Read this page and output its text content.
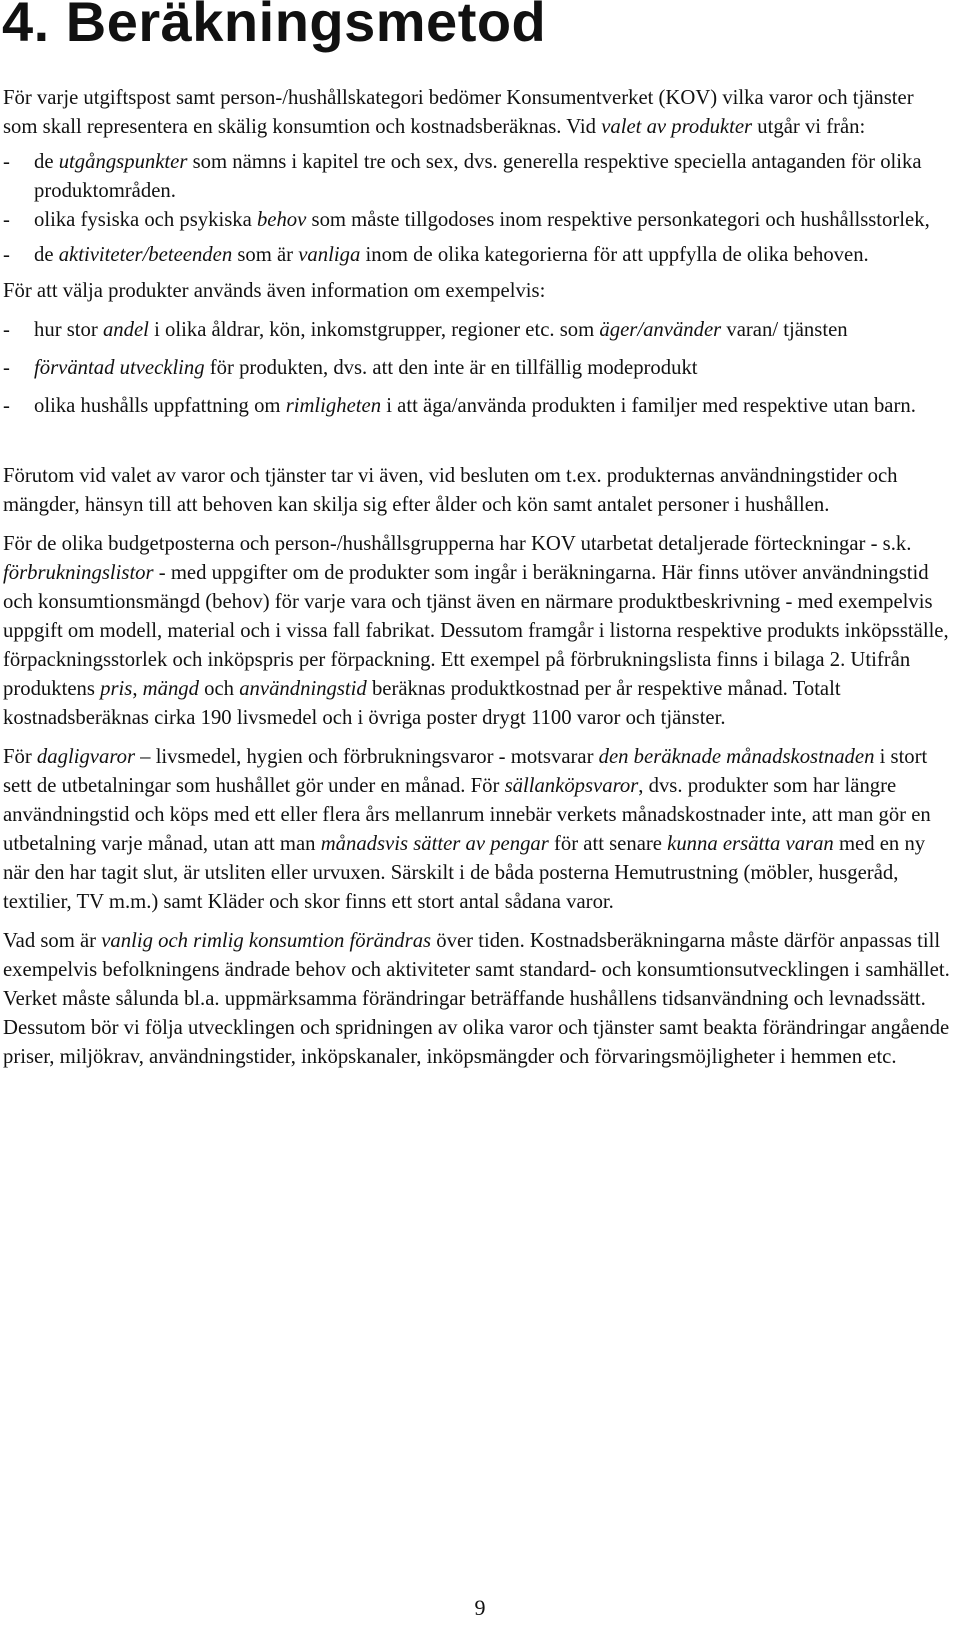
4. Beräkningsmetod

För varje utgiftspost samt person-/hushållskategori bedömer Konsumentverket (KOV) vilka varor och tjänster som skall representera en skälig konsumtion och kostnadsberäknas. Vid valet av produkter utgår vi från:

- de utgångspunkter som nämns i kapitel tre och sex, dvs. generella respektive speciella antaganden för olika produktområden.

- olika fysiska och psykiska behov som måste tillgodoses inom respektive personkategori och hushållsstorlek,

- de aktiviteter/beteenden som är vanliga inom de olika kategorierna för att uppfylla de olika behoven.

För att välja produkter används även information om exempelvis:

- hur stor andel i olika åldrar, kön, inkomstgrupper, regioner etc. som äger/använder varan/ tjänsten

- förväntad utveckling för produkten, dvs. att den inte är en tillfällig modeprodukt

- olika hushålls uppfattning om rimligheten i att äga/använda produkten i familjer med respektive utan barn.

Förutom vid valet av varor och tjänster tar vi även, vid besluten om t.ex. produkternas användningstider och mängder, hänsyn till att behoven kan skilja sig efter ålder och kön samt antalet personer i hushållen.

För de olika budgetposterna och person-/hushållsgrupperna har KOV utarbetat detaljerade förteckningar - s.k. förbrukningslistor - med uppgifter om de produkter som ingår i beräkningarna. Här finns utöver användningstid och konsumtionsmängd (behov) för varje vara och tjänst även en närmare produktbeskrivning - med exempelvis uppgift om modell, material och i vissa fall fabrikat. Dessutom framgår i listorna respektive produkts inköpsställe, förpackningsstorlek och inköpspris per förpackning. Ett exempel på förbrukningslista finns i bilaga 2. Utifrån produktens pris, mängd och användningstid beräknas produktkostnad per år respektive månad. Totalt kostnadsberäknas cirka 190 livsmedel och i övriga poster drygt 1100 varor och tjänster.

För dagligvaror – livsmedel, hygien och förbrukningsvaror - motsvarar den beräknade månadskostnaden i stort sett de utbetalningar som hushållet gör under en månad. För sällanköpsvaror, dvs. produkter som har längre användningstid och köps med ett eller flera års mellanrum innebär verkets månadskostnader inte, att man gör en utbetalning varje månad, utan att man månadsvis sätter av pengar för att senare kunna ersätta varan med en ny när den har tagit slut, är utsliten eller urvuxen. Särskilt i de båda posterna Hemutrustning (möbler, husgeråd, textilier, TV m.m.) samt Kläder och skor finns ett stort antal sådana varor.

Vad som är vanlig och rimlig konsumtion förändras över tiden. Kostnadsberäkningarna måste därför anpassas till exempelvis befolkningens ändrade behov och aktiviteter samt standard- och konsumtionsutvecklingen i samhället. Verket måste sålunda bl.a. uppmärksamma förändringar beträffande hushållens tidsanvändning och levnadssätt. Dessutom bör vi följa utvecklingen och spridningen av olika varor och tjänster samt beakta förändringar angående priser, miljökrav, användningstider, inköpskanaler, inköpsmängder och förvaringsmöjligheter i hemmen etc.

9
